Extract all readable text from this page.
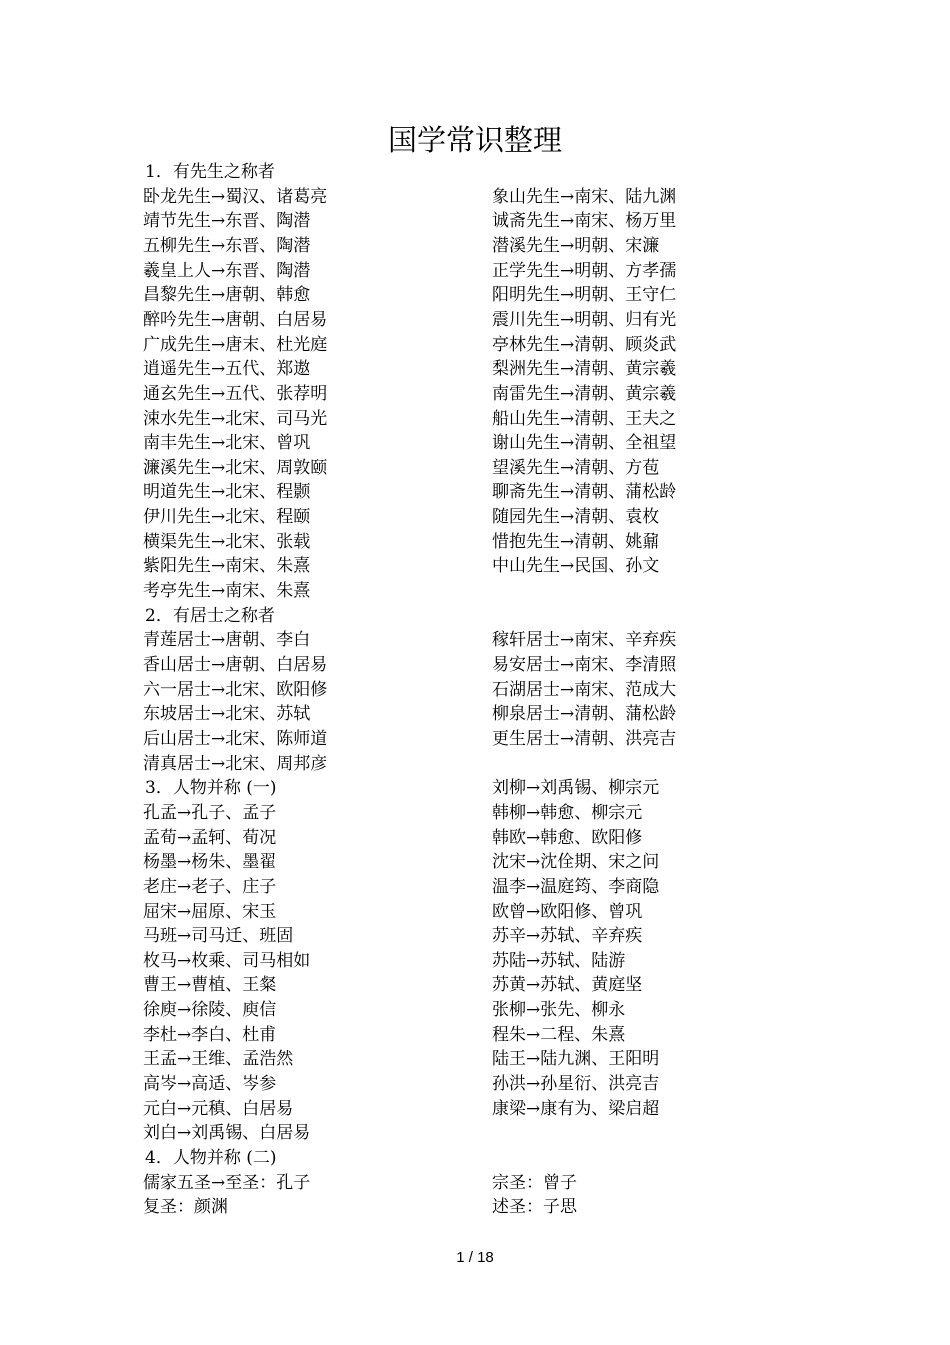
国学常识整理
1．有先生之称者
卧龙先生→蜀汉、诸葛亮
靖节先生→东晋、陶潜
五柳先生→东晋、陶潜
羲皇上人→东晋、陶潜
昌黎先生→唐朝、韩愈
醉吟先生→唐朝、白居易
广成先生→唐末、杜光庭
逍遥先生→五代、郑遨
通玄先生→五代、张荐明
涑水先生→北宋、司马光
南丰先生→北宋、曾巩
濂溪先生→北宋、周敦颐
明道先生→北宋、程颢
伊川先生→北宋、程颐
横渠先生→北宋、张载
紫阳先生→南宋、朱熹
考亭先生→南宋、朱熹
象山先生→南宋、陆九渊
诚斋先生→南宋、杨万里
潜溪先生→明朝、宋濂
正学先生→明朝、方孝孺
阳明先生→明朝、王守仁
震川先生→明朝、归有光
亭林先生→清朝、顾炎武
梨洲先生→清朝、黄宗羲
南雷先生→清朝、黄宗羲
船山先生→清朝、王夫之
谢山先生→清朝、全祖望
望溪先生→清朝、方苞
聊斋先生→清朝、蒲松龄
随园先生→清朝、袁枚
惜抱先生→清朝、姚鼐
中山先生→民国、孙文
2．有居士之称者
青莲居士→唐朝、李白
香山居士→唐朝、白居易
六一居士→北宋、欧阳修
东坡居士→北宋、苏轼
后山居士→北宋、陈师道
清真居士→北宋、周邦彦
稼轩居士→南宋、辛弃疾
易安居士→南宋、李清照
石湖居士→南宋、范成大
柳泉居士→清朝、蒲松龄
更生居士→清朝、洪亮吉
3．人物并称 (一)
孔孟→孔子、孟子
孟荀→孟轲、荀况
杨墨→杨朱、墨翟
老庄→老子、庄子
屈宋→屈原、宋玉
马班→司马迁、班固
枚马→枚乘、司马相如
曹王→曹植、王粲
徐庾→徐陵、庾信
李杜→李白、杜甫
王孟→王维、孟浩然
高岑→高适、岑参
元白→元稹、白居易
刘白→刘禹锡、白居易
刘柳→刘禹锡、柳宗元
韩柳→韩愈、柳宗元
韩欧→韩愈、欧阳修
沈宋→沈佺期、宋之问
温李→温庭筠、李商隐
欧曾→欧阳修、曾巩
苏辛→苏轼、辛弃疾
苏陆→苏轼、陆游
苏黄→苏轼、黄庭坚
张柳→张先、柳永
程朱→二程、朱熹
陆王→陆九渊、王阳明
孙洪→孙星衍、洪亮吉
康梁→康有为、梁启超
4．人物并称 (二)
儒家五圣→至圣：孔子
复圣：颜渊
宗圣：曾子
述圣：子思
1 / 18
